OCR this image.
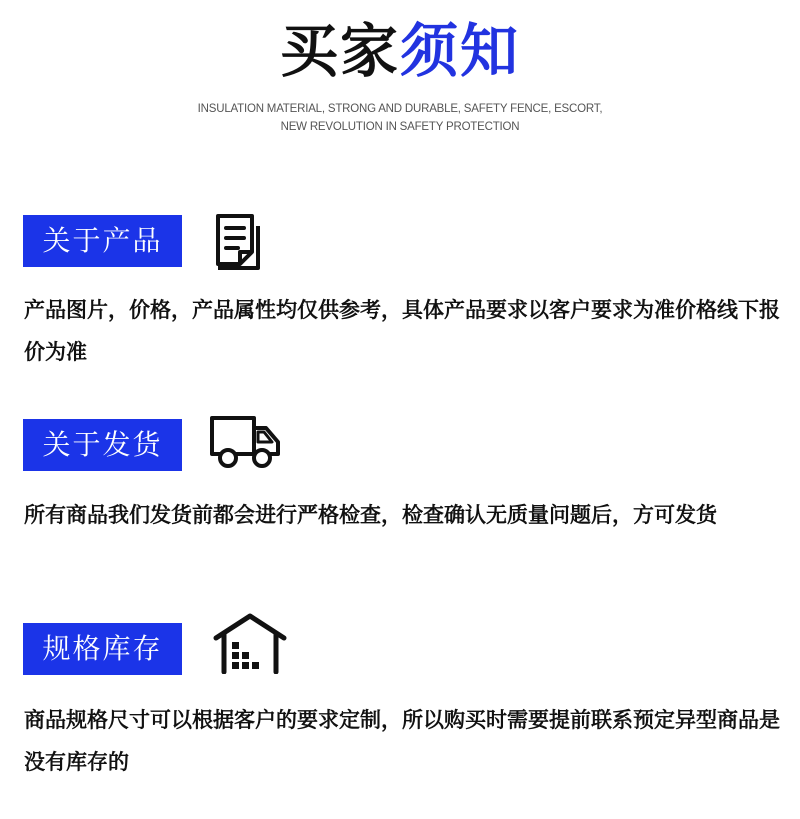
买家须知
INSULATION MATERIAL, STRONG AND DURABLE, SAFETY FENCE, ESCORT,
NEW REVOLUTION IN SAFETY PROTECTION
关于产品
产品图片，价格，产品属性均仅供参考，具体产品要求以客户要求为准价格线下报价为准
关于发货
所有商品我们发货前都会进行严格检查，检查确认无质量问题后，方可发货
规格库存
商品规格尺寸可以根据客户的要求定制，所以购买时需要提前联系预定异型商品是没有库存的
